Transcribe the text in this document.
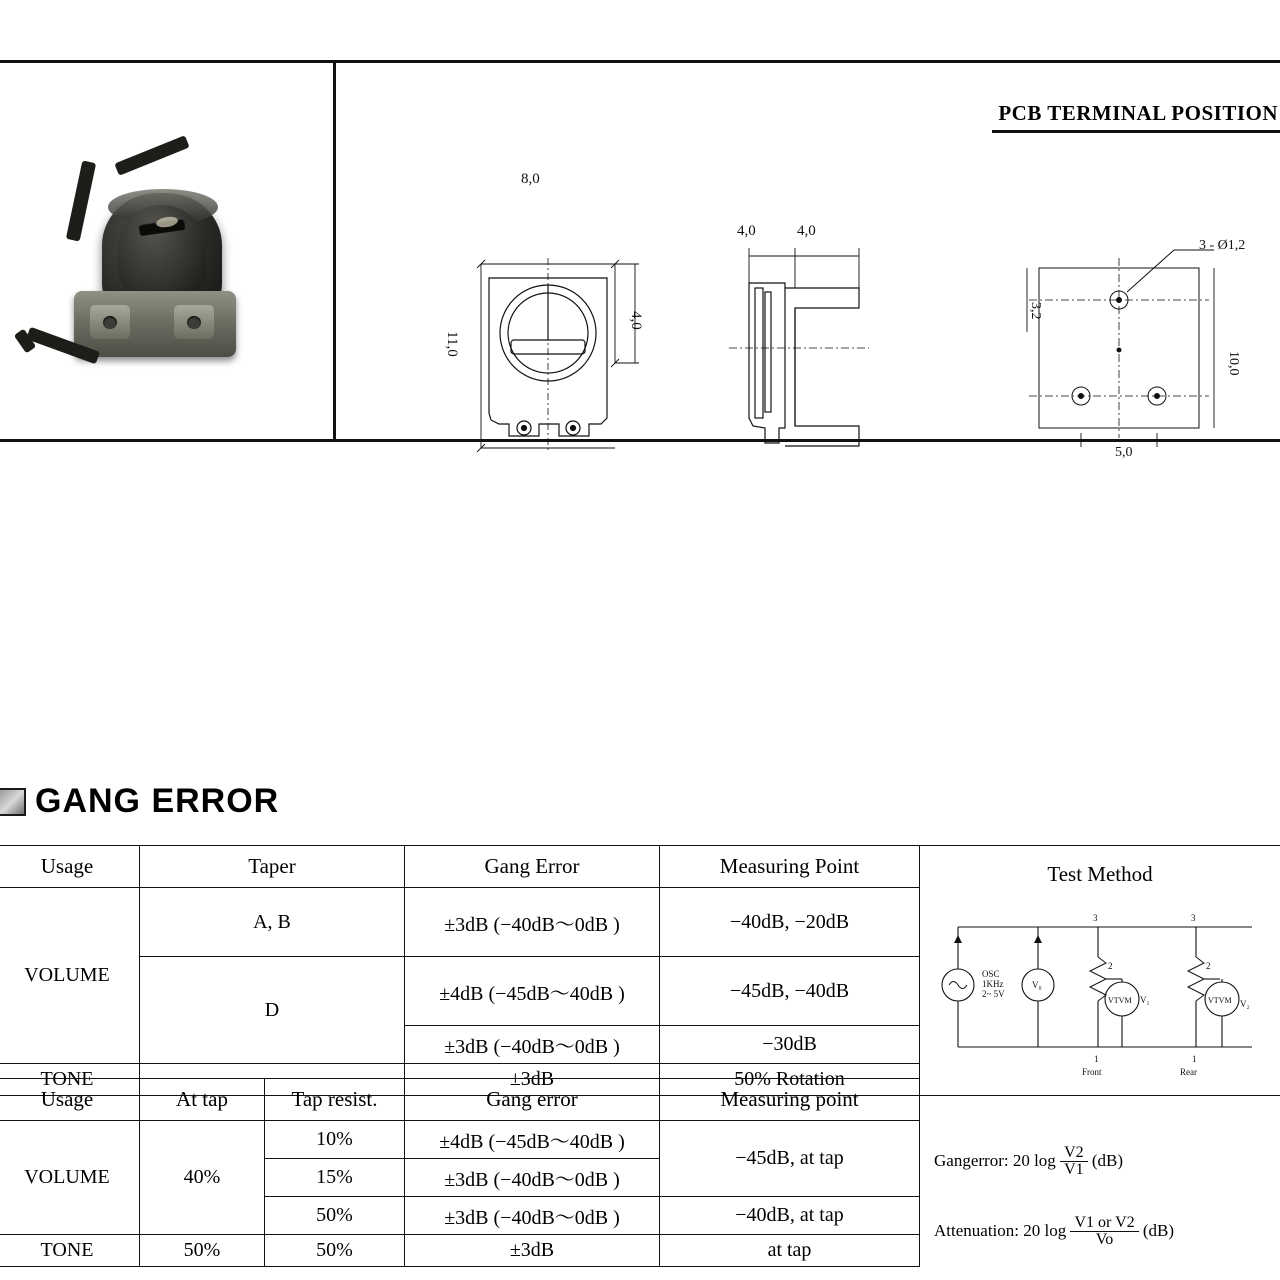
PCB TERMINAL POSITION
8,0
11,0
4,0
4,0	4,0
3 - Ø1,2
3,2
10,0
5,0
GANG ERROR
Usage	Taper	Gang Error	Measuring Point	Test Method
OSC
1KHz
2~ 5V
V₀
VTVM	VTVM
V₁	V₂
3	3
2	2
1	1
Front	Rear

VOLUME	A, B	±3dB (−40dB～0dB )	−40dB, −20dB	
	D	±4dB (−45dB～40dB )	−45dB, −40dB	
		±3dB (−40dB～0dB )	−30dB	
TONE		±3dB	50% Rotation	
Usage	At tap	Tap resist.	Gang error	Measuring point	
Gangerror: 20 $\log \frac{V2}{V1} (dB)$
Attenuation: 20 $\log \frac{\text{V1 or V2}}{Vo} (dB)$

VOLUME	40%	10%	±4dB (−45dB～40dB )	−45dB, at tap	
		15%	±3dB (−40dB～0dB )		
		50%	±3dB (−40dB～0dB )	−40dB, at tap	
TONE	50%	50%	±3dB	at tap	
